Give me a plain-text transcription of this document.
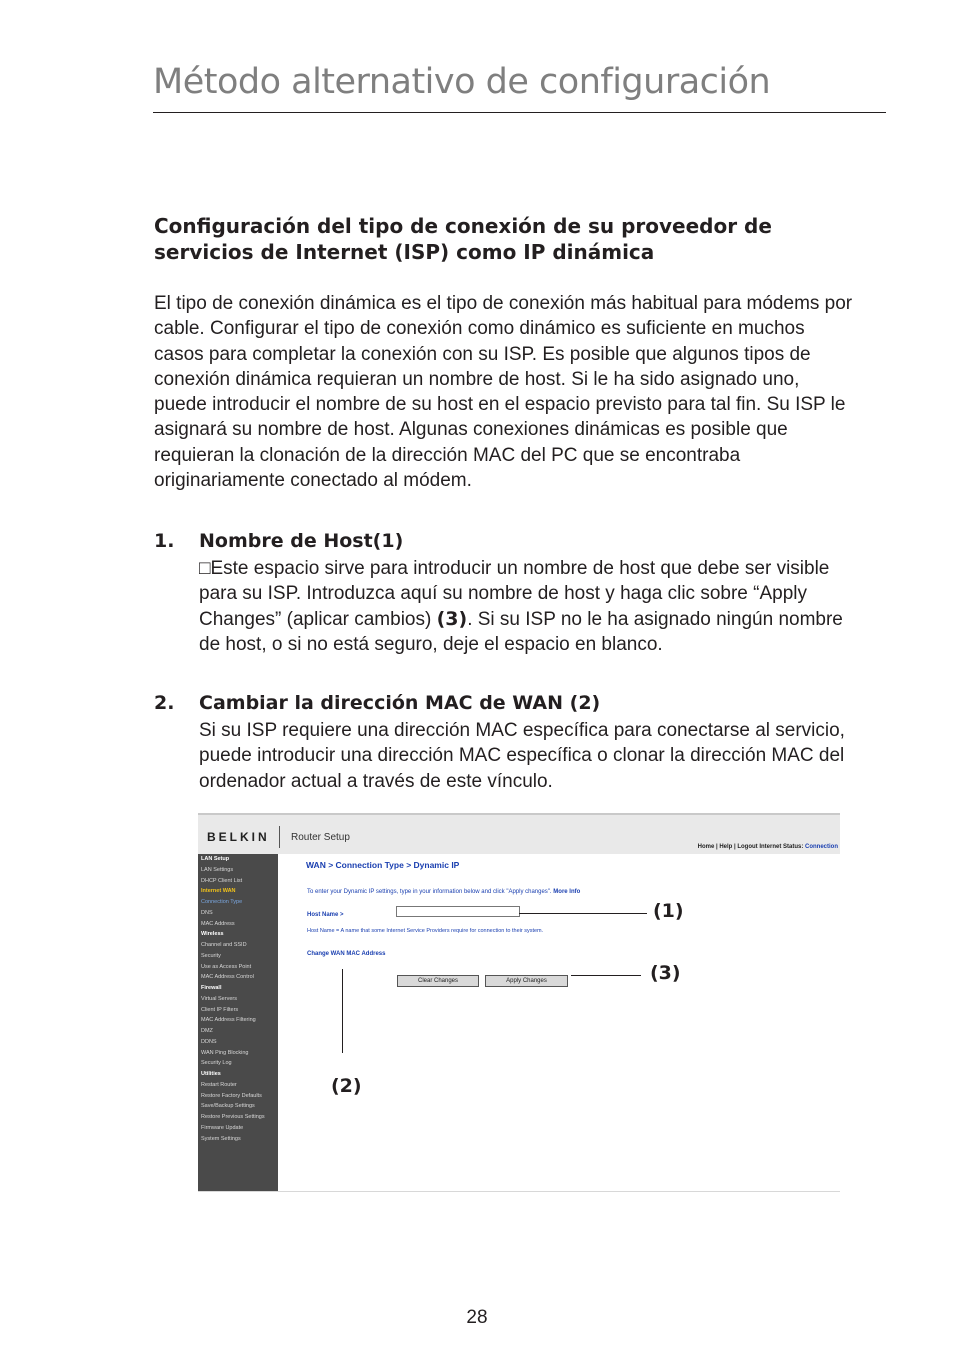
Método alternativo de configuración
Configuración del tipo de conexión de su proveedor de servicios de Internet (ISP) como IP dinámica
El tipo de conexión dinámica es el tipo de conexión más habitual para módems por cable. Configurar el tipo de conexión como dinámico es suficiente en muchos casos para completar la conexión con su ISP. Es posible que algunos tipos de conexión dinámica requieran un nombre de host. Si le ha sido asignado uno, puede introducir el nombre de su host en el espacio previsto para tal fin. Su ISP le asignará su nombre de host. Algunas conexiones dinámicas es posible que requieran la clonación de la dirección MAC del PC que se encontraba originariamente conectado al módem.
1. Nombre de Host(1)
□Este espacio sirve para introducir un nombre de host que debe ser visible para su ISP. Introduzca aquí su nombre de host y haga clic sobre “Apply Changes” (aplicar cambios) (3). Si su ISP no le ha asignado ningún nombre de host, o si no está seguro, deje el espacio en blanco.
2. Cambiar la dirección MAC de WAN (2)
Si su ISP requiere una dirección MAC específica para conectarse al servicio, puede introducir una dirección MAC específica o clonar la dirección MAC del ordenador actual a través de este vínculo.
BELKIN Router Setup
Home | Help | Logout Internet Status: Connection
LAN Setup
LAN Settings
DHCP Client List
Internet WAN
Connection Type
DNS
MAC Address
Wireless
Channel and SSID
Security
Use as Access Point
MAC Address Control
Firewall
Virtual Servers
Client IP Filters
MAC Address Filtering
DMZ
DDNS
WAN Ping Blocking
Security Log
Utilities
Restart Router
Restore Factory Defaults
Save/Backup Settings
Restore Previous Settings
Firmware Update
System Settings
WAN > Connection Type > Dynamic IP
To enter your Dynamic IP settings, type in your information below and click "Apply changes". More Info
Host Name >
Host Name = A name that some Internet Service Providers require for connection to their system.
Change WAN MAC Address
Clear Changes	Apply Changes
(1)
(3)
(2)
28
